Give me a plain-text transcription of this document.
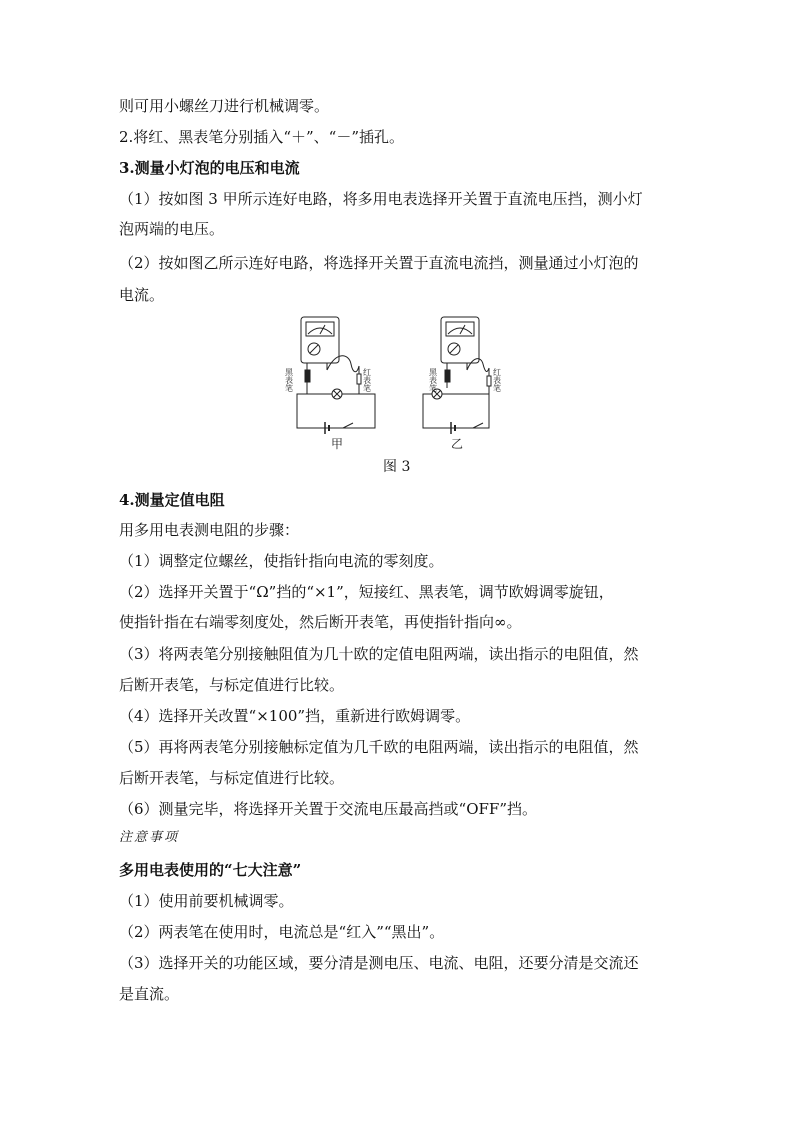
则可用小螺丝刀进行机械调零。
2.将红、黑表笔分别插入“＋”、“－”插孔。
3.测量小灯泡的电压和电流
（1）按如图 3 甲所示连好电路，将多用电表选择开关置于直流电压挡，测小灯
泡两端的电压。
（2）按如图乙所示连好电路，将选择开关置于直流电流挡，测量通过小灯泡的
电流。
黑表笔	红表笔	黑表笔	红表笔
甲	乙
图 3
4.测量定值电阻
用多用电表测电阻的步骤：
（1）调整定位螺丝，使指针指向电流的零刻度。
（2）选择开关置于“Ω”挡的“×1”，短接红、黑表笔，调节欧姆调零旋钮，
使指针指在右端零刻度处，然后断开表笔，再使指针指向∞。
（3）将两表笔分别接触阻值为几十欧的定值电阻两端，读出指示的电阻值，然
后断开表笔，与标定值进行比较。
（4）选择开关改置“×100”挡，重新进行欧姆调零。
（5）再将两表笔分别接触标定值为几千欧的电阻两端，读出指示的电阻值，然
后断开表笔，与标定值进行比较。
（6）测量完毕，将选择开关置于交流电压最高挡或“OFF”挡。
注意事项
多用电表使用的“七大注意”
（1）使用前要机械调零。
（2）两表笔在使用时，电流总是“红入”“黑出”。
（3）选择开关的功能区域，要分清是测电压、电流、电阻，还要分清是交流还
是直流。
